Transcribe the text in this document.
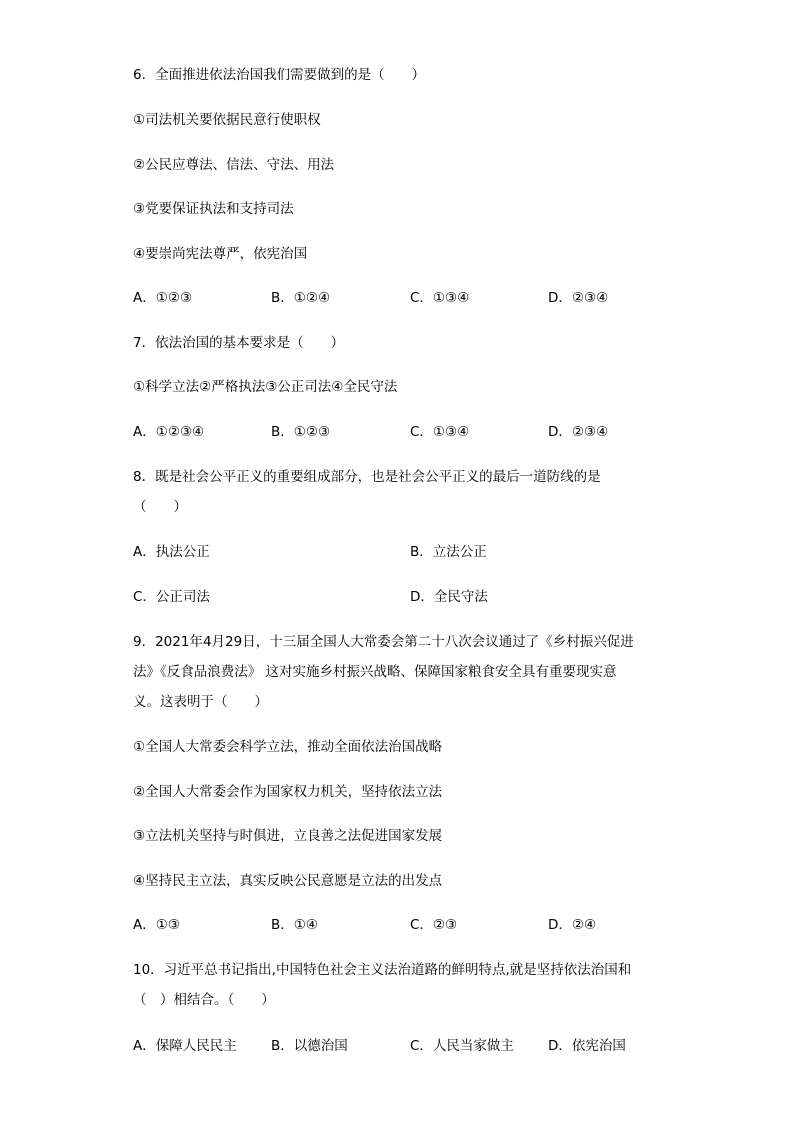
6．全面推进依法治国我们需要做到的是（　　）
①司法机关要依据民意行使职权
②公民应尊法、信法、守法、用法
③党要保证执法和支持司法
④要崇尚宪法尊严，依宪治国
A．①②③	B．①②④	C．①③④	D．②③④
7．依法治国的基本要求是（　　）
①科学立法②严格执法③公正司法④全民守法
A．①②③④	B．①②③	C．①③④	D．②③④
8．既是社会公平正义的重要组成部分，也是社会公平正义的最后一道防线的是
（　　）
A．执法公正	B．立法公正
C．公正司法	D．全民守法
9．2021年4月29日，十三届全国人大常委会第二十八次会议通过了《乡村振兴促进
法》《反食品浪费法》 这对实施乡村振兴战略、保障国家粮食安全具有重要现实意
义。这表明于（　　）
①全国人大常委会科学立法，推动全面依法治国战略
②全国人大常委会作为国家权力机关，坚持依法立法
③立法机关坚持与时俱进，立良善之法促进国家发展
④坚持民主立法，真实反映公民意愿是立法的出发点
A．①③	B．①④	C．②③	D．②④
10．习近平总书记指出,中国特色社会主义法治道路的鲜明特点,就是坚持依法治国和
（　）相结合。（　　）
A．保障人民民主	B．以德治国	C．人民当家做主	D．依宪治国
